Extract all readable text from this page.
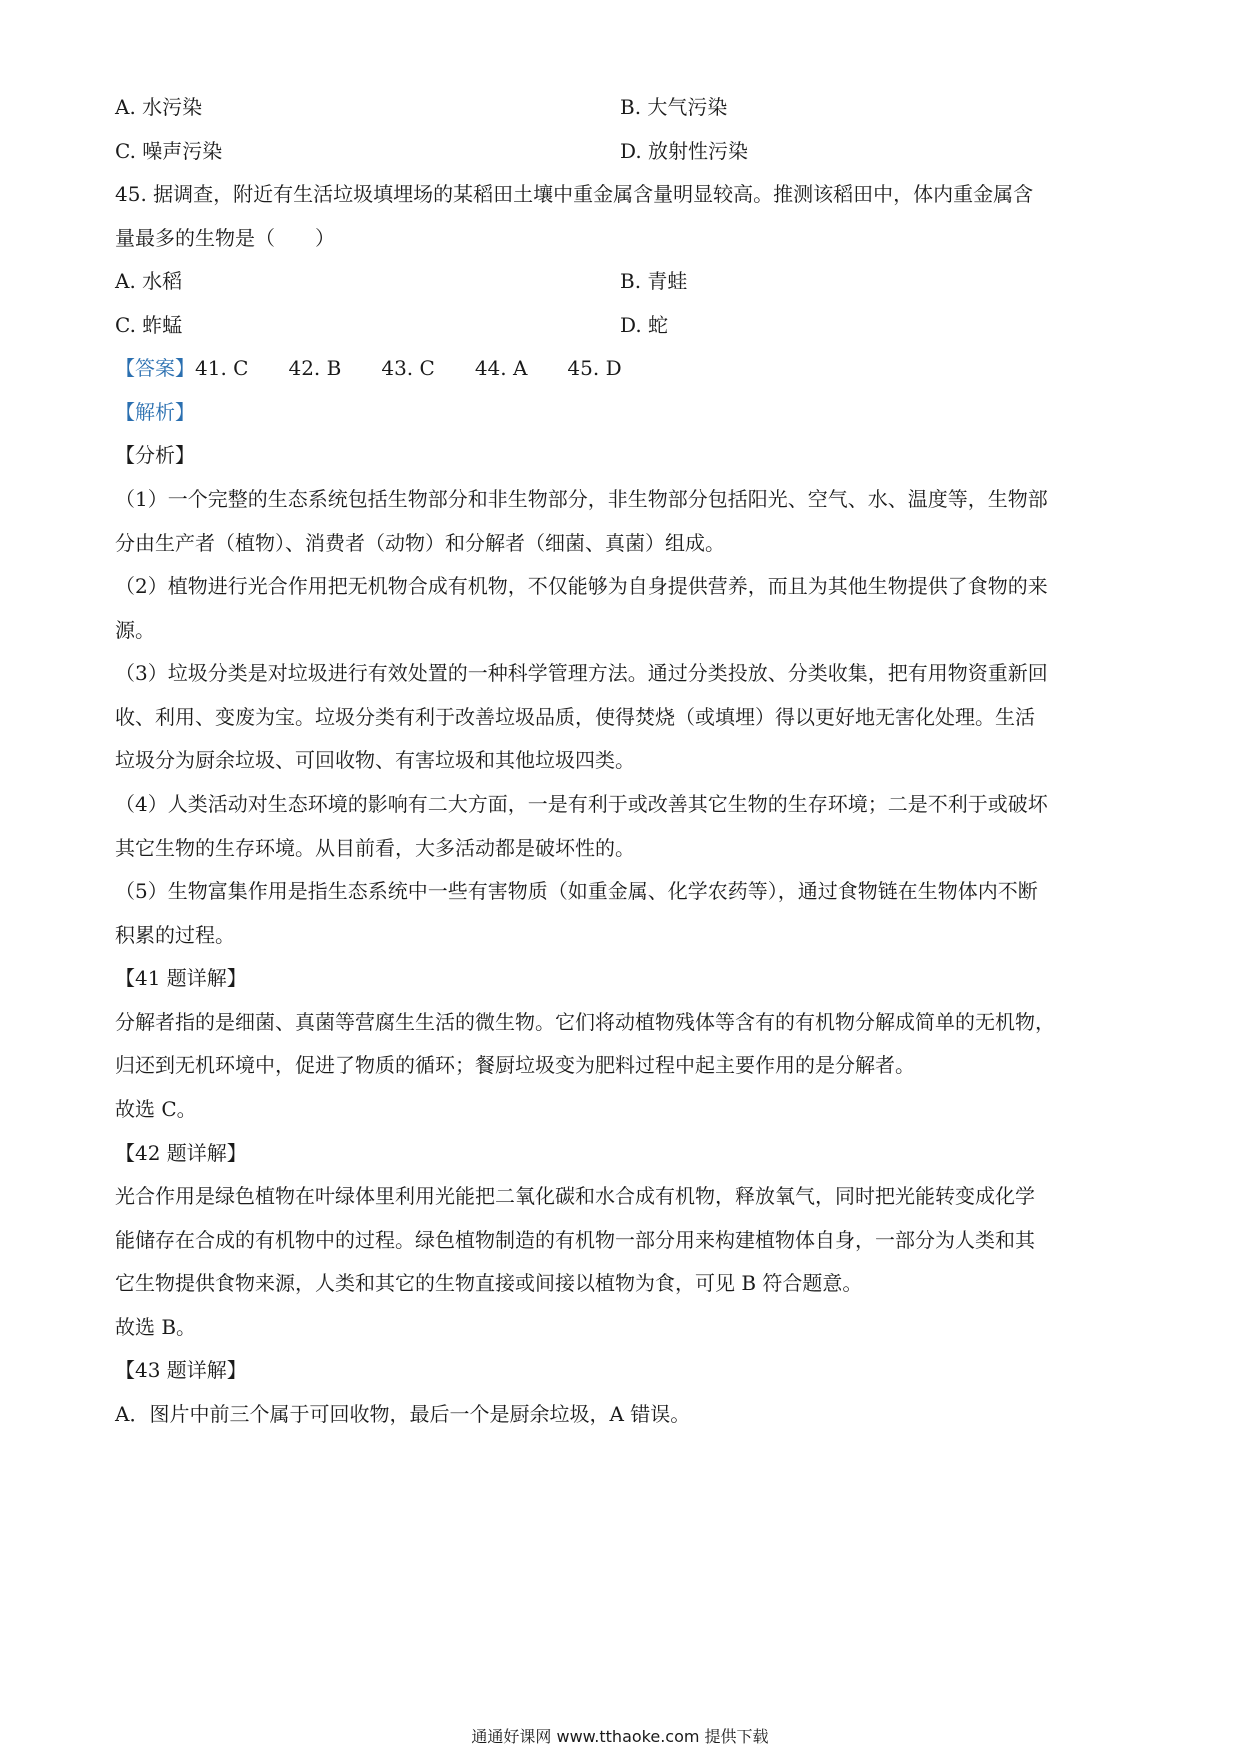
A. 水污染	B. 大气污染
C. 噪声污染	D. 放射性污染
45. 据调查，附近有生活垃圾填埋场的某稻田土壤中重金属含量明显较高。推测该稻田中，体内重金属含
量最多的生物是（　　）
A. 水稻	B. 青蛙
C. 蚱蜢	D. 蛇
【答案】41. C 42. B 43. C 44. A 45. D
【解析】
【分析】
（1）一个完整的生态系统包括生物部分和非生物部分，非生物部分包括阳光、空气、水、温度等，生物部
分由生产者（植物）、消费者（动物）和分解者（细菌、真菌）组成。
（2）植物进行光合作用把无机物合成有机物，不仅能够为自身提供营养，而且为其他生物提供了食物的来
源。
（3）垃圾分类是对垃圾进行有效处置的一种科学管理方法。通过分类投放、分类收集，把有用物资重新回
收、利用、变废为宝。垃圾分类有利于改善垃圾品质，使得焚烧（或填埋）得以更好地无害化处理。生活
垃圾分为厨余垃圾、可回收物、有害垃圾和其他垃圾四类。
（4）人类活动对生态环境的影响有二大方面，一是有利于或改善其它生物的生存环境；二是不利于或破坏
其它生物的生存环境。从目前看，大多活动都是破坏性的。
（5）生物富集作用是指生态系统中一些有害物质（如重金属、化学农药等），通过食物链在生物体内不断
积累的过程。
【41 题详解】
分解者指的是细菌、真菌等营腐生生活的微生物。它们将动植物残体等含有的有机物分解成简单的无机物，
归还到无机环境中，促进了物质的循环；餐厨垃圾变为肥料过程中起主要作用的是分解者。
故选 C。
【42 题详解】
光合作用是绿色植物在叶绿体里利用光能把二氧化碳和水合成有机物，释放氧气，同时把光能转变成化学
能储存在合成的有机物中的过程。绿色植物制造的有机物一部分用来构建植物体自身，一部分为人类和其
它生物提供食物来源，人类和其它的生物直接或间接以植物为食，可见 B 符合题意。
故选 B。
【43 题详解】
A．图片中前三个属于可回收物，最后一个是厨余垃圾，A 错误。
通通好课网 www.tthaoke.com 提供下载
